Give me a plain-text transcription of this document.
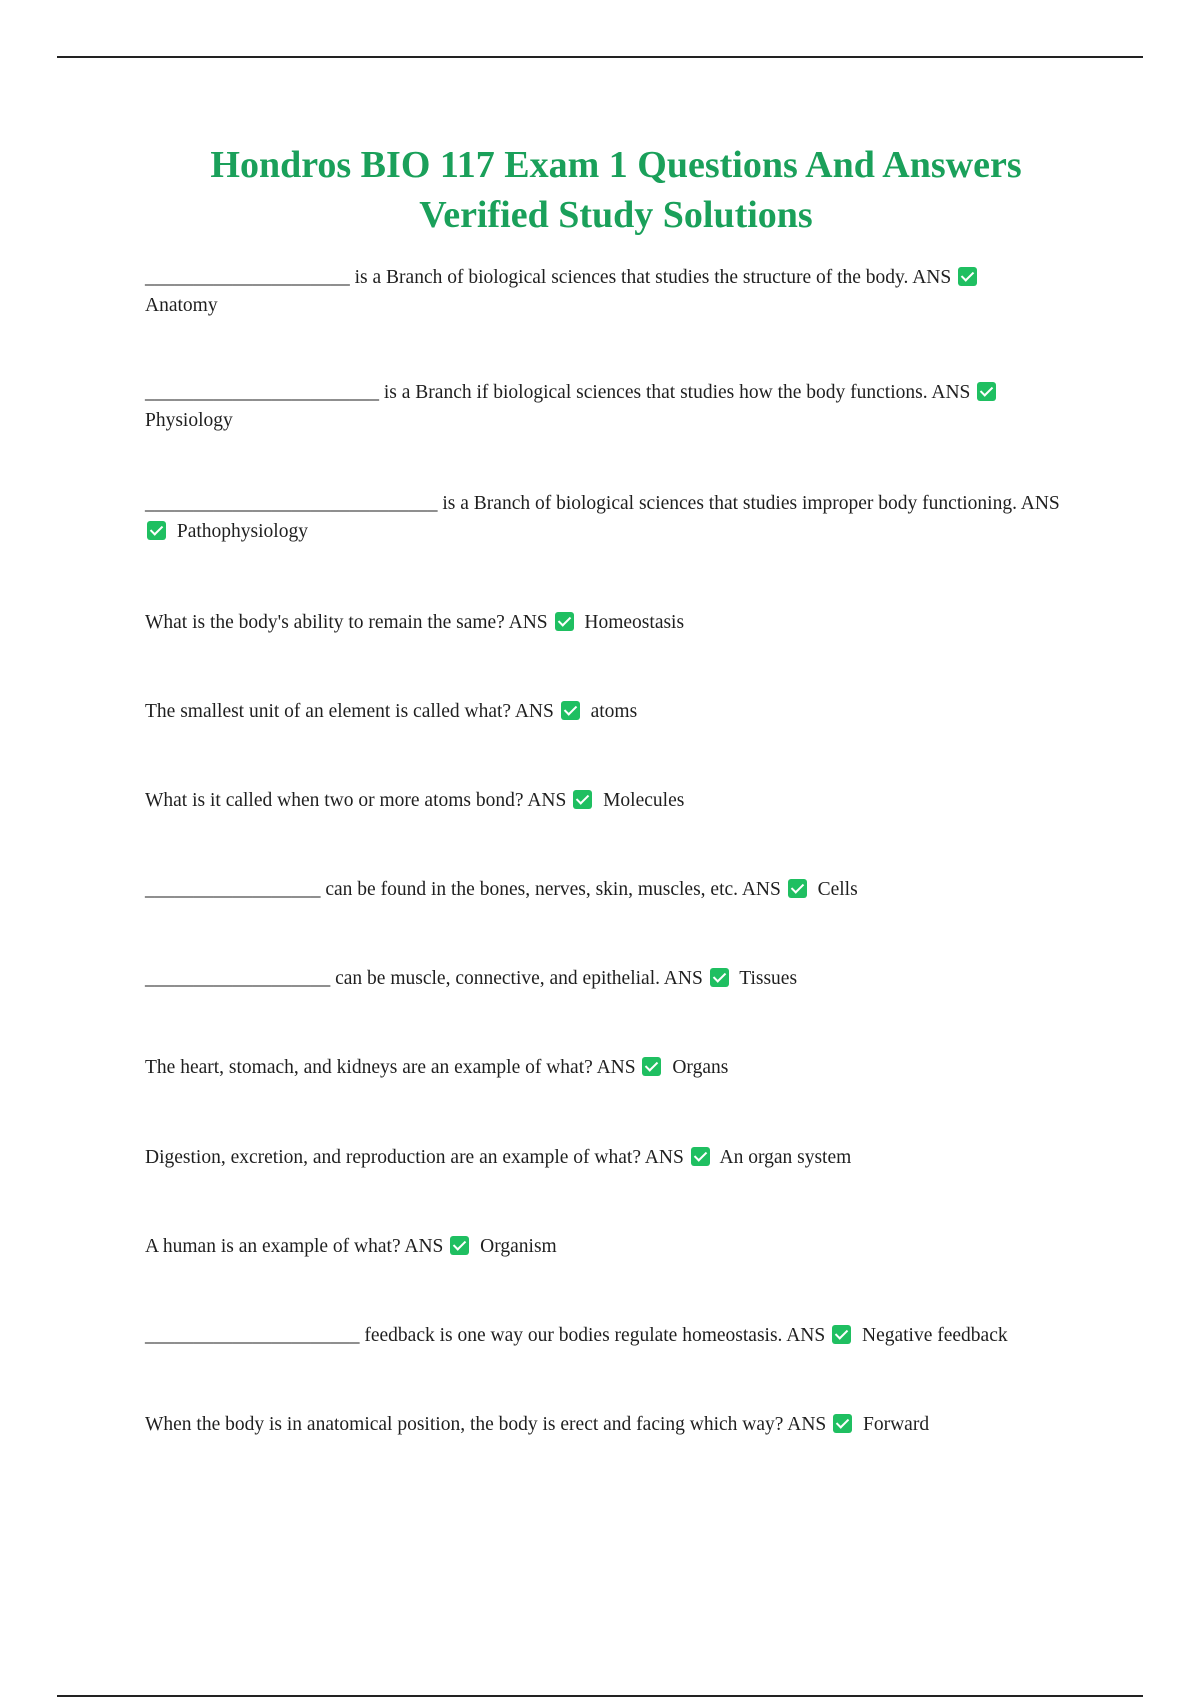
Hondros BIO 117 Exam 1 Questions And Answers
Verified Study Solutions

_____________________ is a Branch of biological sciences that studies the structure of the body. ANS
Anatomy

________________________ is a Branch if biological sciences that studies how the body functions. ANS
Physiology

______________________________ is a Branch of biological sciences that studies improper body functioning. ANS  Pathophysiology

What is the body's ability to remain the same? ANS Homeostasis

The smallest unit of an element is called what? ANS atoms

What is it called when two or more atoms bond? ANS Molecules

__________________ can be found in the bones, nerves, skin, muscles, etc. ANS Cells

___________________ can be muscle, connective, and epithelial. ANS Tissues

The heart, stomach, and kidneys are an example of what? ANS Organs

Digestion, excretion, and reproduction are an example of what? ANS An organ system

A human is an example of what? ANS Organism

______________________ feedback is one way our bodies regulate homeostasis. ANS Negative feedback

When the body is in anatomical position, the body is erect and facing which way? ANS Forward
